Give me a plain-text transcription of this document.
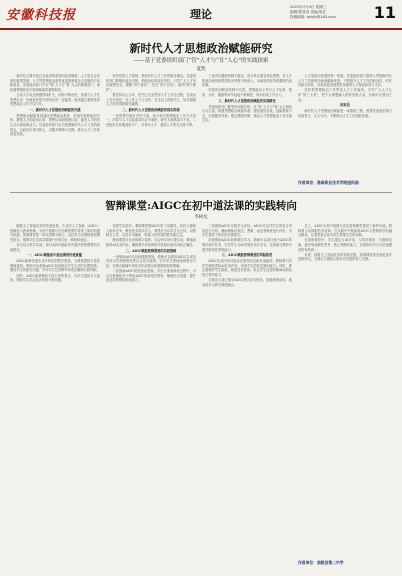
安徽科技报	理论
2023年7月4日 星期三
编辑/程显尧 美编/周艺
投稿邮箱: ahkjb@163.com	11
新时代人才思想政治赋能研究
——基于党委组织部门“管”人才与“育”人心”的实践探索
夏凯

新时代主要矛盾已从追求物质转向追求精神，人才是社会发展的重要资源，人才的思想政治素养直接影响着社会发展的方向和质量。党委组织部门作为“管”人才与“育”人心的重要部门，承担着思想政治引领和赋能的重要职责。

当前人才队伍规模持续扩大，结构不断优化，但部分人才在思想认识、价值取向等方面仍存在一定偏差，亟须通过系统化的思想政治工作予以引导。

一、新时代人才思想政治赋能的内涵

思想政治赋能是指通过思想政治教育、价值引领和组织关怀，增强人才的政治认同、思想认同和情感认同，激发人才的内生动力和创新活力。党委组织部门应当把握新时代人才工作的新特点，以政治引领为核心，以服务保障为支撑，推动人才工作高质量发展。

坚持党管人才原则，是新时代人才工作的根本保证。党委组织部门要强化政治引领，把政治标准放在首位，引导广大人才坚定理想信念，增强“四个意识”，坚定“四个自信”，做到“两个维护”。

要坚持以人为本，把关心关爱贯穿人才工作全过程，在政治上充分信任，在工作上大力支持，在生活上热情关心，切实增强人才的获得感和归属感。

二、新时代人才思想政治赋能的现实困境

一是思想引领针对性不强。部分单位思想政治工作方式单一，内容与人才实际需求结合不紧密，吸引力和感染力不足。二是组织关怀覆盖面不广，对青年人才、基层人才的关注度不够。

三是评价激励机制不健全。部分单位重业务轻思想，对人才的政治表现和思想状况考察不够深入，未能形成有效的激励约束机制。

四是协同联动机制不完善。思想政治工作与人才培养、使用、评价、激励等环节衔接不够紧密，尚未形成工作合力。

三、新时代人才思想政治赋能的实践路径

党委组织部门要坚持问题导向，以“管”人才与“育”人心相结合为主线，构建思想政治赋能体系。强化理论武装，创新教育方式，完善服务体系，健全激励机制，推动人才思想政治工作走深走实。

人才是推动发展的第一资源。党委组织部门要深入贯彻新时代人才工作新理念新战略新举措，不断提升人才工作的政治性、时代性和实效性，为高质量发展提供坚强的人才保证和智力支持。

坚持把思想政治工作贯穿人才工作始终，引导广大人才心怀“国之大者”，把个人理想融入国家发展大局，在新时代建功立业。

结束语

新时代人才思想政治赋能是一项系统工程，需要党委组织部门持续发力、久久为功，不断推动人才工作创新发展。

作者单位：淮南职业技术学院组织部
智辩课堂:AIGC在初中道法课的实践转向
李树丞

随着人工智能技术的快速发展，生成式人工智能（AIGC）逐渐进入教育领域，为初中道德与法治课堂教学带来了新的机遇与挑战。智辩课堂是一种以思辨为核心、以技术为支撑的新型课堂形态，强调学生在真实情境中开展讨论、辨析和论证。

本文结合教学实践，探讨AIGC赋能初中道法智辩课堂的实践路径。

一、AIGC赋能初中道法课的价值意蕴

AIGC能够快速生成多样化的教学资源，为课堂提供丰富的情境素材。教师可以借助AIGC创设贴近学生生活的议题情境，激发学生的探究兴趣，引导学生在思辨中形成正确的价值判断。

同时，AIGC能够模拟不同立场的观点，为学生提供多元视角，帮助学生学会从多角度分析问题。

在教学实践中，教师要把握AIGC的工具属性，坚持立德树人根本任务，避免技术喧宾夺主。课堂应当以学生为主体，以教师为主导，以技术为辅助，构建人机协同的教学新生态。

教师要提升自身的数字素养，学会科学设计提示词，筛选和甄别AI生成内容，确保教学内容的科学性和价值导向的正确性。

二、AIGC赋能智辩课堂的实践策略

一是借助AIGC创设辩题情境。教师可以利用AIGC生成具有争议性和思辨性的社会热点案例，引导学生围绕案例展开讨论，在观点碰撞中深化对法治观念和道德规范的理解。

二是借助AIGC拓展论证资源。学生在准备辩论过程中，可以在教师指导下利用AIGC检索相关资料，梳理论点论据，提升论证的逻辑性和说服力。

三是借助AIGC开展多元评价。AIGC可以对学生的发言内容进行分析，辅助教师从观点、逻辑、表达等维度进行评价，为学生提供个性化的反馈建议。

四是借助AIGC延伸课后学习。教师可以设计基于AIGC的课后探究任务，引导学生与AI开展对话式学习，在质疑与辨析中提升批判性思维能力。

三、AIGC赋能智辩课堂的风险防范

AIGC生成内容可能存在错误信息和价值偏差，教师要引导学生理性看待AI生成内容，培养学生的信息甄别能力。同时，要注重保护学生隐私，规范技术使用，防止学生过度依赖AI而弱化独立思考能力。

学校应当建立健全AIGC教学应用规范，加强教师培训，推动技术与教学深度融合。

总之，AIGC为初中道德与法治智辩课堂提供了新的可能。教师要主动拥抱技术变革，在实践中不断探索AIGC与思辨教学的融合路径，让课堂真正成为学生思维生长的场域。

在智辩课堂中，学生通过与AI对话、与同伴辩论、与教师交流，逐步形成理性思考、独立判断的能力，实现知识学习与价值塑造的有机统一。

未来，随着人工智能技术的持续发展，智辩课堂将呈现更加丰富的形态，为落实立德树人根本任务提供有力支撑。

作者单位：南陵县第二中学
